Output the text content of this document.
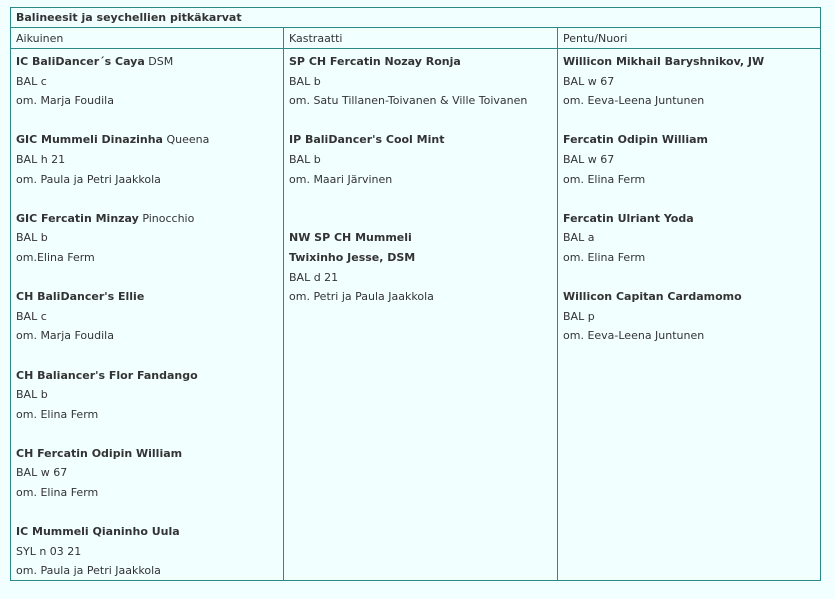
Balineesit ja seychellien pitkäkarvat
Aikuinen
IC BaliDancer´s Caya DSM
BAL c
om. Marja Foudila
GIC Mummeli Dinazinha Queena
BAL h 21
om. Paula ja Petri Jaakkola
GIC Fercatin Minzay Pinocchio
BAL b
om.Elina Ferm
CH BaliDancer's Ellie
BAL c
om. Marja Foudila
CH Baliancer's Flor Fandango
BAL b
om. Elina Ferm
CH Fercatin Odipin William
BAL w 67
om. Elina Ferm
IC Mummeli Qianinho Uula
SYL n 03 21
om. Paula ja Petri Jaakkola
Kastraatti
SP CH Fercatin Nozay Ronja
BAL b
om. Satu Tillanen-Toivanen & Ville Toivanen
IP BaliDancer's Cool Mint
BAL b
om. Maari Järvinen
NW SP CH Mummeli
Twixinho Jesse, DSM
BAL d 21
om. Petri ja Paula Jaakkola
Pentu/Nuori
Willicon Mikhail Baryshnikov, JW
BAL w 67
om. Eeva-Leena Juntunen
Fercatin Odipin William
BAL w 67
om. Elina Ferm
Fercatin Ulriant Yoda
BAL a
om. Elina Ferm
Willicon Capitan Cardamomo
BAL p
om. Eeva-Leena Juntunen
